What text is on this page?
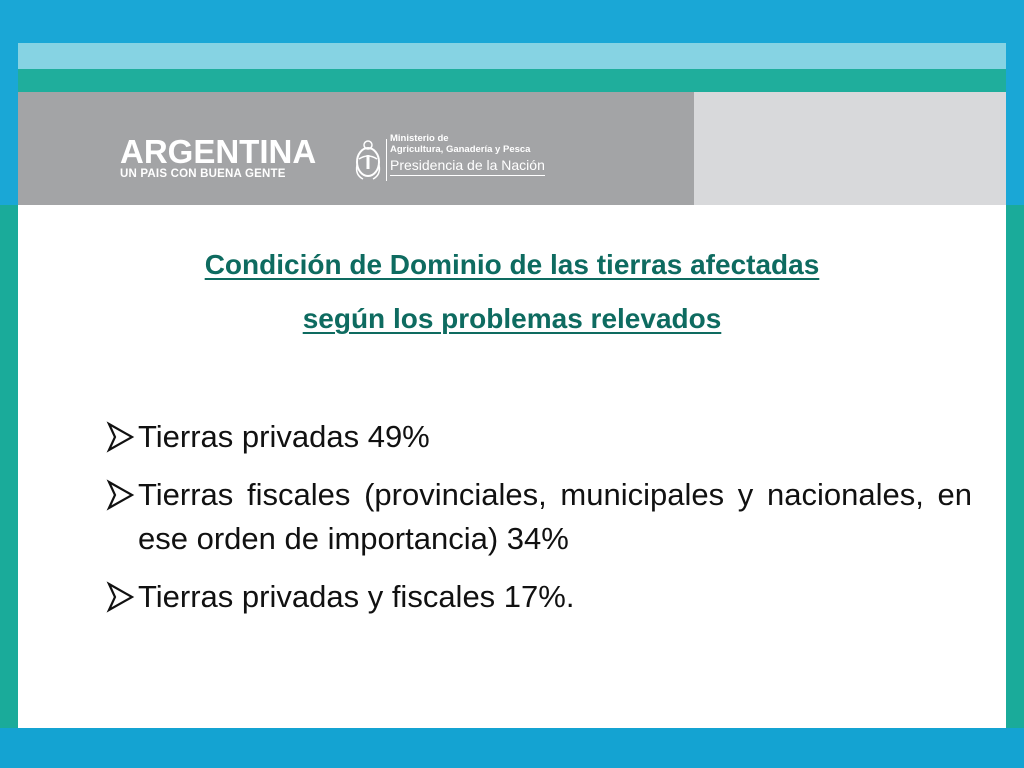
ARGENTINA
UN PAIS CON BUENA GENTE
Ministerio de
Agricultura, Ganadería y Pesca
Presidencia de la Nación
Condición de Dominio de las tierras afectadas
según los problemas relevados
Tierras privadas 49%
Tierras fiscales (provinciales, municipales y nacionales, en ese orden de importancia) 34%
Tierras privadas y fiscales 17%.
